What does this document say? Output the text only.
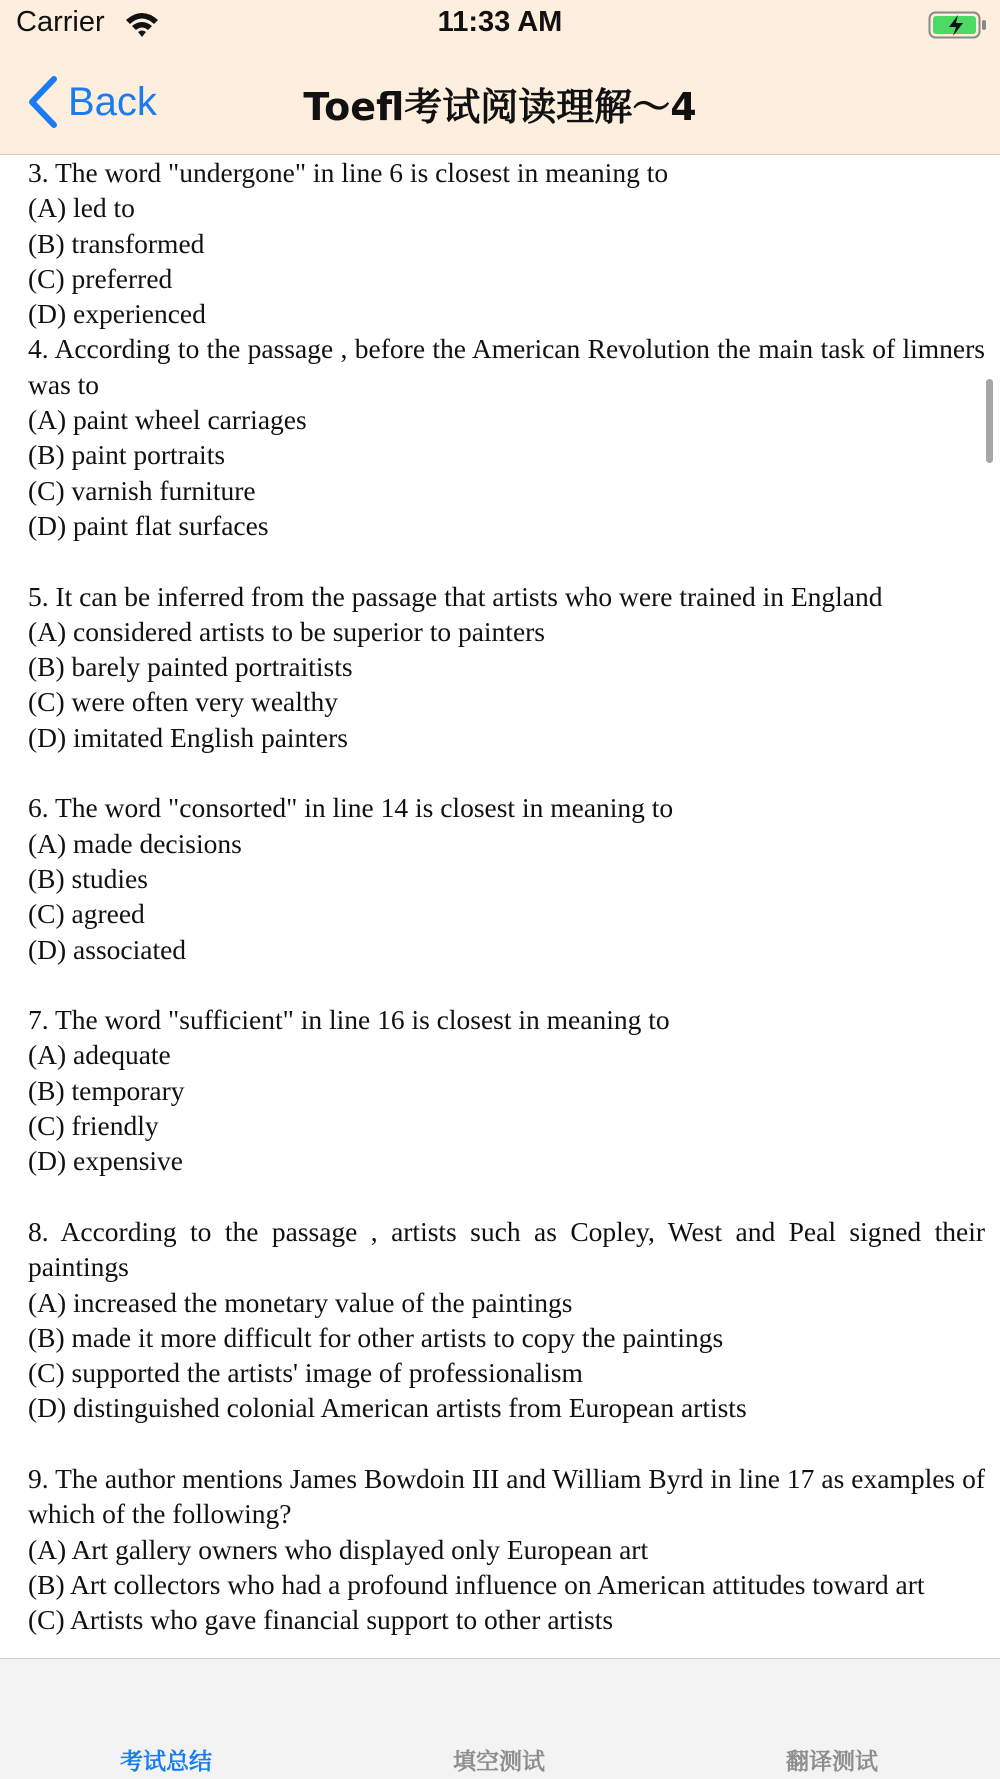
Carrier	11:33 AM
Back	Toefl考试阅读理解～4

3. The word "undergone" in line 6 is closest in meaning to

(A) led to

(B) transformed

(C) preferred

(D) experienced

4. According to the passage , before the American Revolution the main task of limners was to

(A) paint wheel carriages

(B) paint portraits

(C) varnish furniture

(D) paint flat surfaces

5. It can be inferred from the passage that artists who were trained in England

(A) considered artists to be superior to painters

(B) barely painted portraitists

(C) were often very wealthy

(D) imitated English painters

6. The word "consorted" in line 14 is closest in meaning to

(A) made decisions

(B) studies

(C) agreed

(D) associated

7. The word "sufficient" in line 16 is closest in meaning to

(A) adequate

(B) temporary

(C) friendly

(D) expensive

8. According to the passage , artists such as Copley, West and Peal signed their paintings

(A) increased the monetary value of the paintings

(B) made it more difficult for other artists to copy the paintings

(C) supported the artists' image of professionalism

(D) distinguished colonial American artists from European artists

9. The author mentions James Bowdoin III and William Byrd in line 17 as examples of which of the following?

(A) Art gallery owners who displayed only European art

(B) Art collectors who had a profound influence on American attitudes toward art

(C) Artists who gave financial support to other artists

考试总结	填空测试	翻译测试
